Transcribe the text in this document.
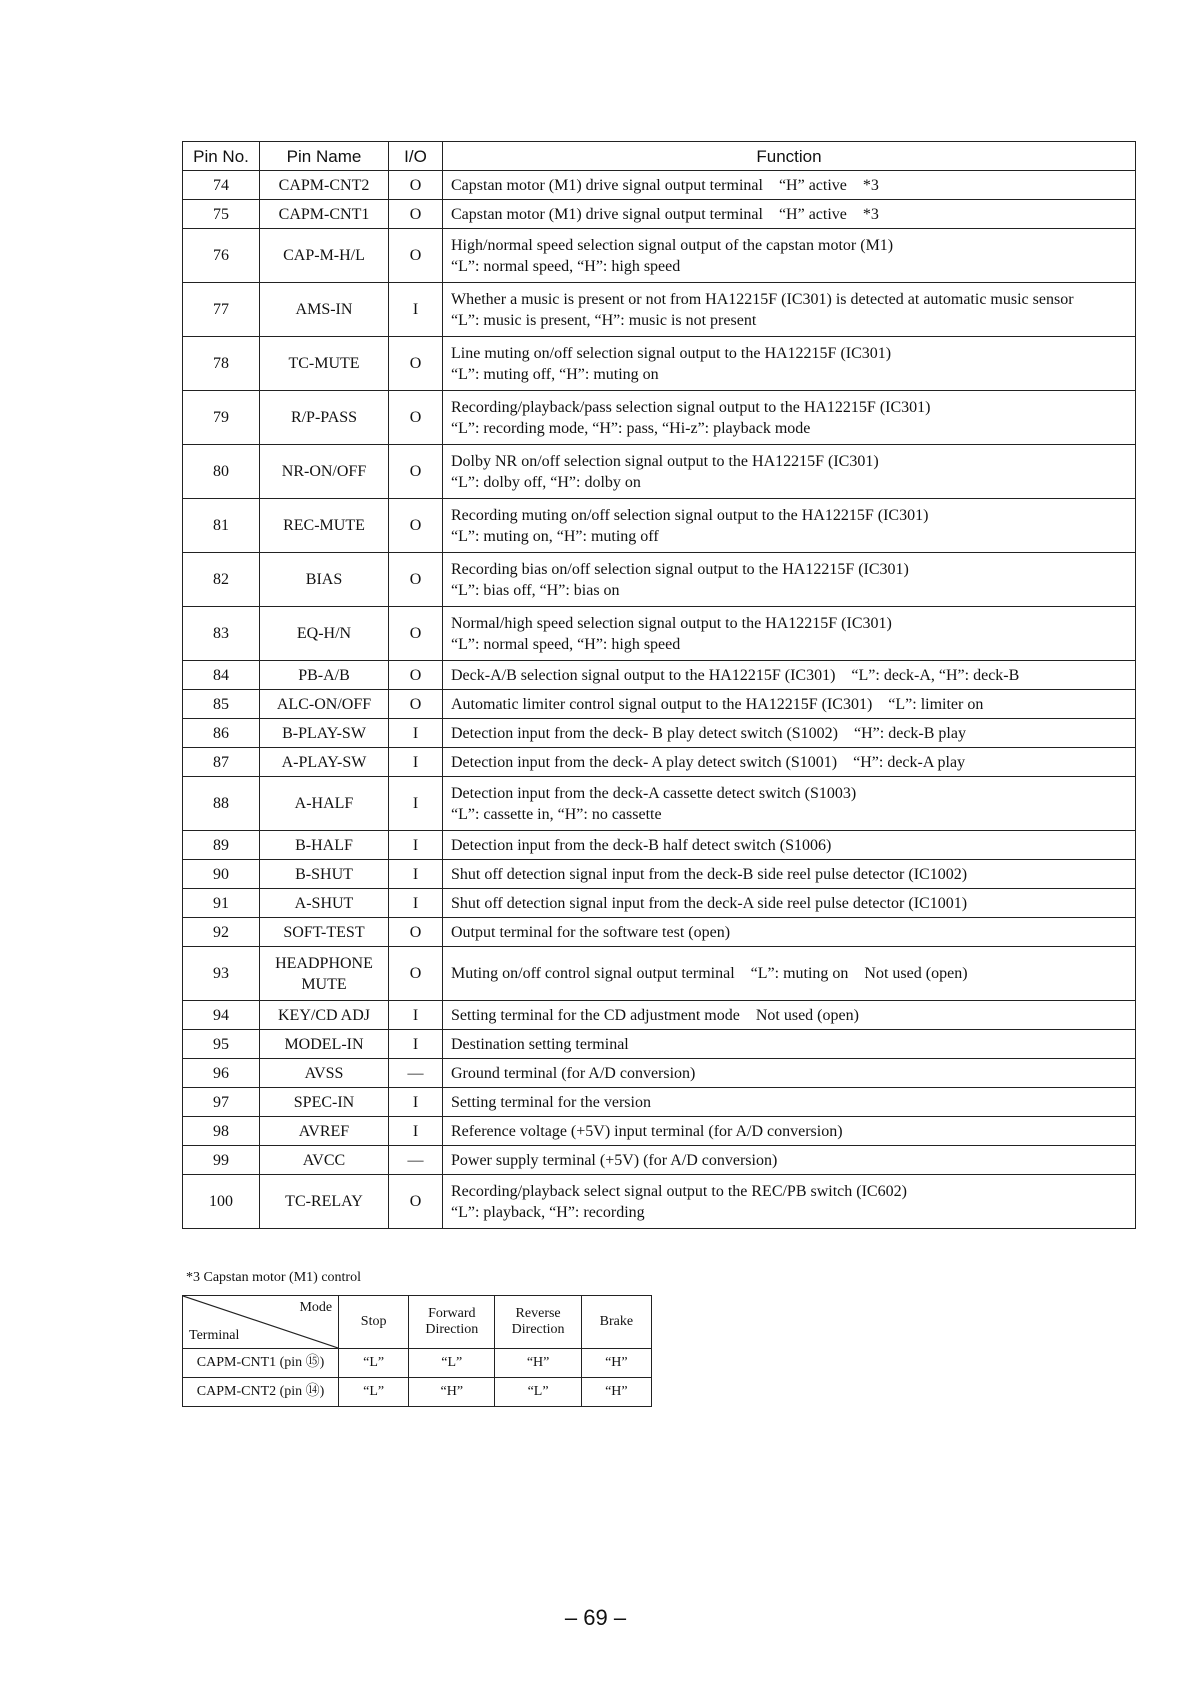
Pin No.	Pin Name	I/O	Function
74	CAPM-CNT2	O	Capstan motor (M1) drive signal output terminal    “H” active    *3

75	CAPM-CNT1	O	Capstan motor (M1) drive signal output terminal    “H” active    *3

76	CAP-M-H/L	O	High/normal speed selection signal output of the capstan motor (M1)
“L”: normal speed, “H”: high speed

77	AMS-IN	I	Whether a music is present or not from HA12215F (IC301) is detected at automatic music sensor
“L”: music is present, “H”: music is not present

78	TC-MUTE	O	Line muting on/off selection signal output to the HA12215F (IC301)
“L”: muting off, “H”: muting on

79	R/P-PASS	O	Recording/playback/pass selection signal output to the HA12215F (IC301)
“L”: recording mode, “H”: pass, “Hi-z”: playback mode

80	NR-ON/OFF	O	Dolby NR on/off selection signal output to the HA12215F (IC301)
“L”: dolby off, “H”: dolby on

81	REC-MUTE	O	Recording muting on/off selection signal output to the HA12215F (IC301)
“L”: muting on, “H”: muting off

82	BIAS	O	Recording bias on/off selection signal output to the HA12215F (IC301)
“L”: bias off, “H”: bias on

83	EQ-H/N	O	Normal/high speed selection signal output to the HA12215F (IC301)
“L”: normal speed, “H”: high speed

84	PB-A/B	O	Deck-A/B selection signal output to the HA12215F (IC301)    “L”: deck-A, “H”: deck-B

85	ALC-ON/OFF	O	Automatic limiter control signal output to the HA12215F (IC301)    “L”: limiter on

86	B-PLAY-SW	I	Detection input from the deck- B play detect switch (S1002)    “H”: deck-B play

87	A-PLAY-SW	I	Detection input from the deck- A play detect switch (S1001)    “H”: deck-A play

88	A-HALF	I	Detection input from the deck-A cassette detect switch (S1003)
“L”: cassette in, “H”: no cassette

89	B-HALF	I	Detection input from the deck-B half detect switch (S1006)

90	B-SHUT	I	Shut off detection signal input from the deck-B side reel pulse detector (IC1002)

91	A-SHUT	I	Shut off detection signal input from the deck-A side reel pulse detector (IC1001)

92	SOFT-TEST	O	Output terminal for the software test (open)

93	HEADPHONE MUTE	O	Muting on/off control signal output terminal    “L”: muting on    Not used (open)

94	KEY/CD ADJ	I	Setting terminal for the CD adjustment mode    Not used (open)

95	MODEL-IN	I	Destination setting terminal

96	AVSS	—	Ground terminal (for A/D conversion)

97	SPEC-IN	I	Setting terminal for the version

98	AVREF	I	Reference voltage (+5V) input terminal (for A/D conversion)

99	AVCC	—	Power supply terminal (+5V) (for A/D conversion)

100	TC-RELAY	O	Recording/playback select signal output to the REC/PB switch (IC602)
“L”: playback, “H”: recording
*3 Capstan motor (M1) control
Mode
Terminal	Stop	Forward Direction	Reverse Direction	Brake
CAPM-CNT1 (pin ⑮)	“L”	“L”	“H”	“H”
CAPM-CNT2 (pin ⑭)	“L”	“H”	“L”	“H”
– 69 –
